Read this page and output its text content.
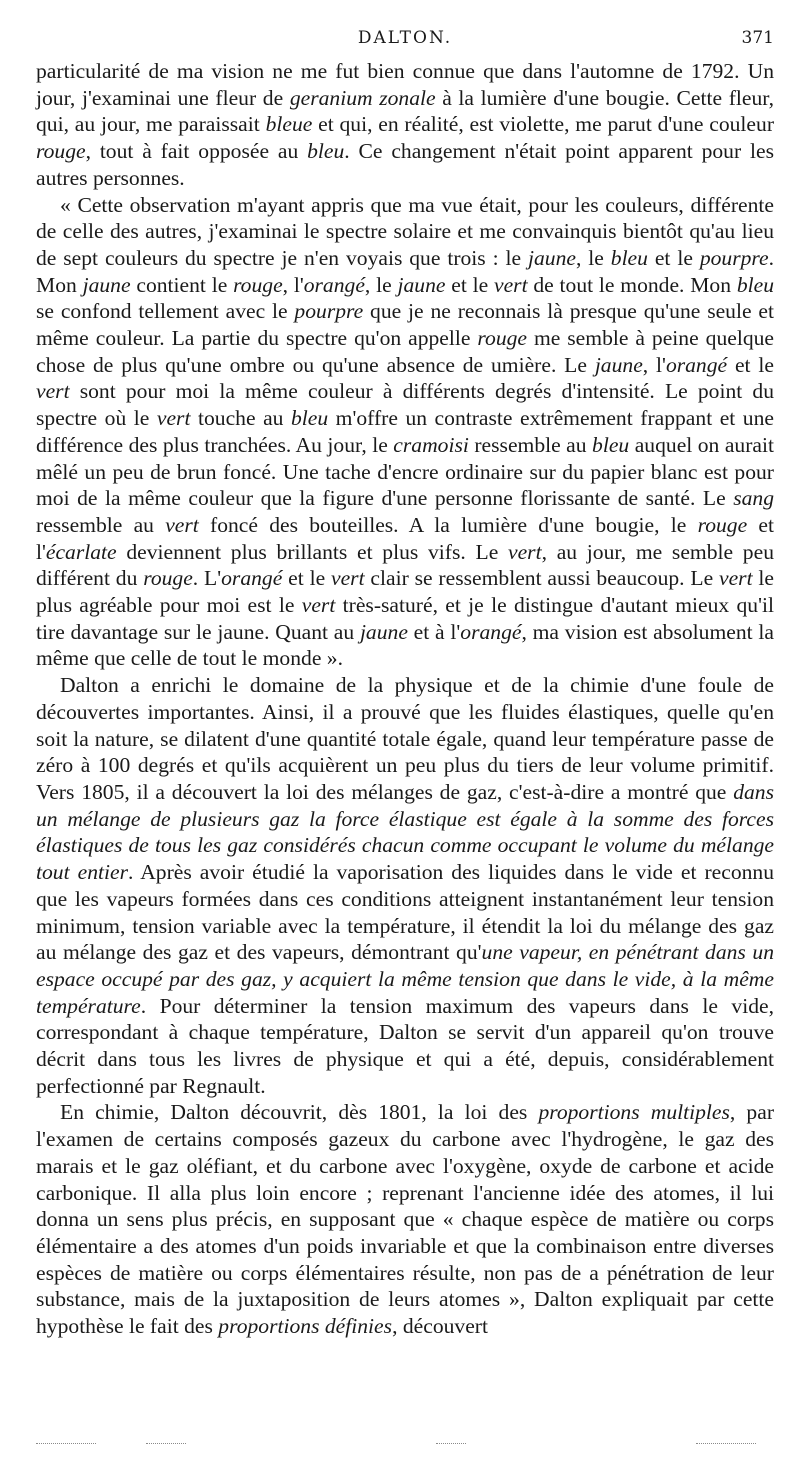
DALTON.	371

particularité de ma vision ne me fut bien connue que dans l'automne de 1792. Un jour, j'examinai une fleur de geranium zonale à la lumière d'une bougie. Cette fleur, qui, au jour, me paraissait bleue et qui, en réalité, est violette, me parut d'une couleur rouge, tout à fait opposée au bleu. Ce changement n'était point apparent pour les autres personnes.

« Cette observation m'ayant appris que ma vue était, pour les couleurs, différente de celle des autres, j'examinai le spectre solaire et me convainquis bientôt qu'au lieu de sept couleurs du spectre je n'en voyais que trois : le jaune, le bleu et le pourpre. Mon jaune contient le rouge, l'orangé, le jaune et le vert de tout le monde. Mon bleu se confond tellement avec le pourpre que je ne reconnais là presque qu'une seule et même couleur. La partie du spectre qu'on appelle rouge me semble à peine quelque chose de plus qu'une ombre ou qu'une absence de umière. Le jaune, l'orangé et le vert sont pour moi la même couleur à différents degrés d'intensité. Le point du spectre où le vert touche au bleu m'offre un contraste extrêmement frappant et une différence des plus tranchées. Au jour, le cramoisi ressemble au bleu auquel on aurait mêlé un peu de brun foncé. Une tache d'encre ordinaire sur du papier blanc est pour moi de la même couleur que la figure d'une personne florissante de santé. Le sang ressemble au vert foncé des bouteilles. A la lumière d'une bougie, le rouge et l'écarlate deviennent plus brillants et plus vifs. Le vert, au jour, me semble peu différent du rouge. L'orangé et le vert clair se ressemblent aussi beaucoup. Le vert le plus agréable pour moi est le vert très-saturé, et je le distingue d'autant mieux qu'il tire davantage sur le jaune. Quant au jaune et à l'orangé, ma vision est absolument la même que celle de tout le monde ».

Dalton a enrichi le domaine de la physique et de la chimie d'une foule de découvertes importantes. Ainsi, il a prouvé que les fluides élastiques, quelle qu'en soit la nature, se dilatent d'une quantité totale égale, quand leur température passe de zéro à 100 degrés et qu'ils acquièrent un peu plus du tiers de leur volume primitif. Vers 1805, il a découvert la loi des mélanges de gaz, c'est-à-dire a montré que dans un mélange de plusieurs gaz la force élastique est égale à la somme des forces élastiques de tous les gaz considérés chacun comme occupant le volume du mélange tout entier. Après avoir étudié la vaporisation des liquides dans le vide et reconnu que les vapeurs formées dans ces conditions atteignent instantanément leur tension minimum, tension variable avec la température, il étendit la loi du mélange des gaz au mélange des gaz et des vapeurs, démontrant qu'une vapeur, en pénétrant dans un espace occupé par des gaz, y acquiert la même tension que dans le vide, à la même température. Pour déterminer la tension maximum des vapeurs dans le vide, correspondant à chaque température, Dalton se servit d'un appareil qu'on trouve décrit dans tous les livres de physique et qui a été, depuis, considérablement perfectionné par Regnault.

En chimie, Dalton découvrit, dès 1801, la loi des proportions multiples, par l'examen de certains composés gazeux du carbone avec l'hydrogène, le gaz des marais et le gaz oléfiant, et du carbone avec l'oxygène, oxyde de carbone et acide carbonique. Il alla plus loin encore ; reprenant l'ancienne idée des atomes, il lui donna un sens plus précis, en supposant que « chaque espèce de matière ou corps élémentaire a des atomes d'un poids invariable et que la combinaison entre diverses espèces de matière ou corps élémentaires résulte, non pas de a pénétration de leur substance, mais de la juxtaposition de leurs atomes », Dalton expliquait par cette hypothèse le fait des proportions définies, découvert
